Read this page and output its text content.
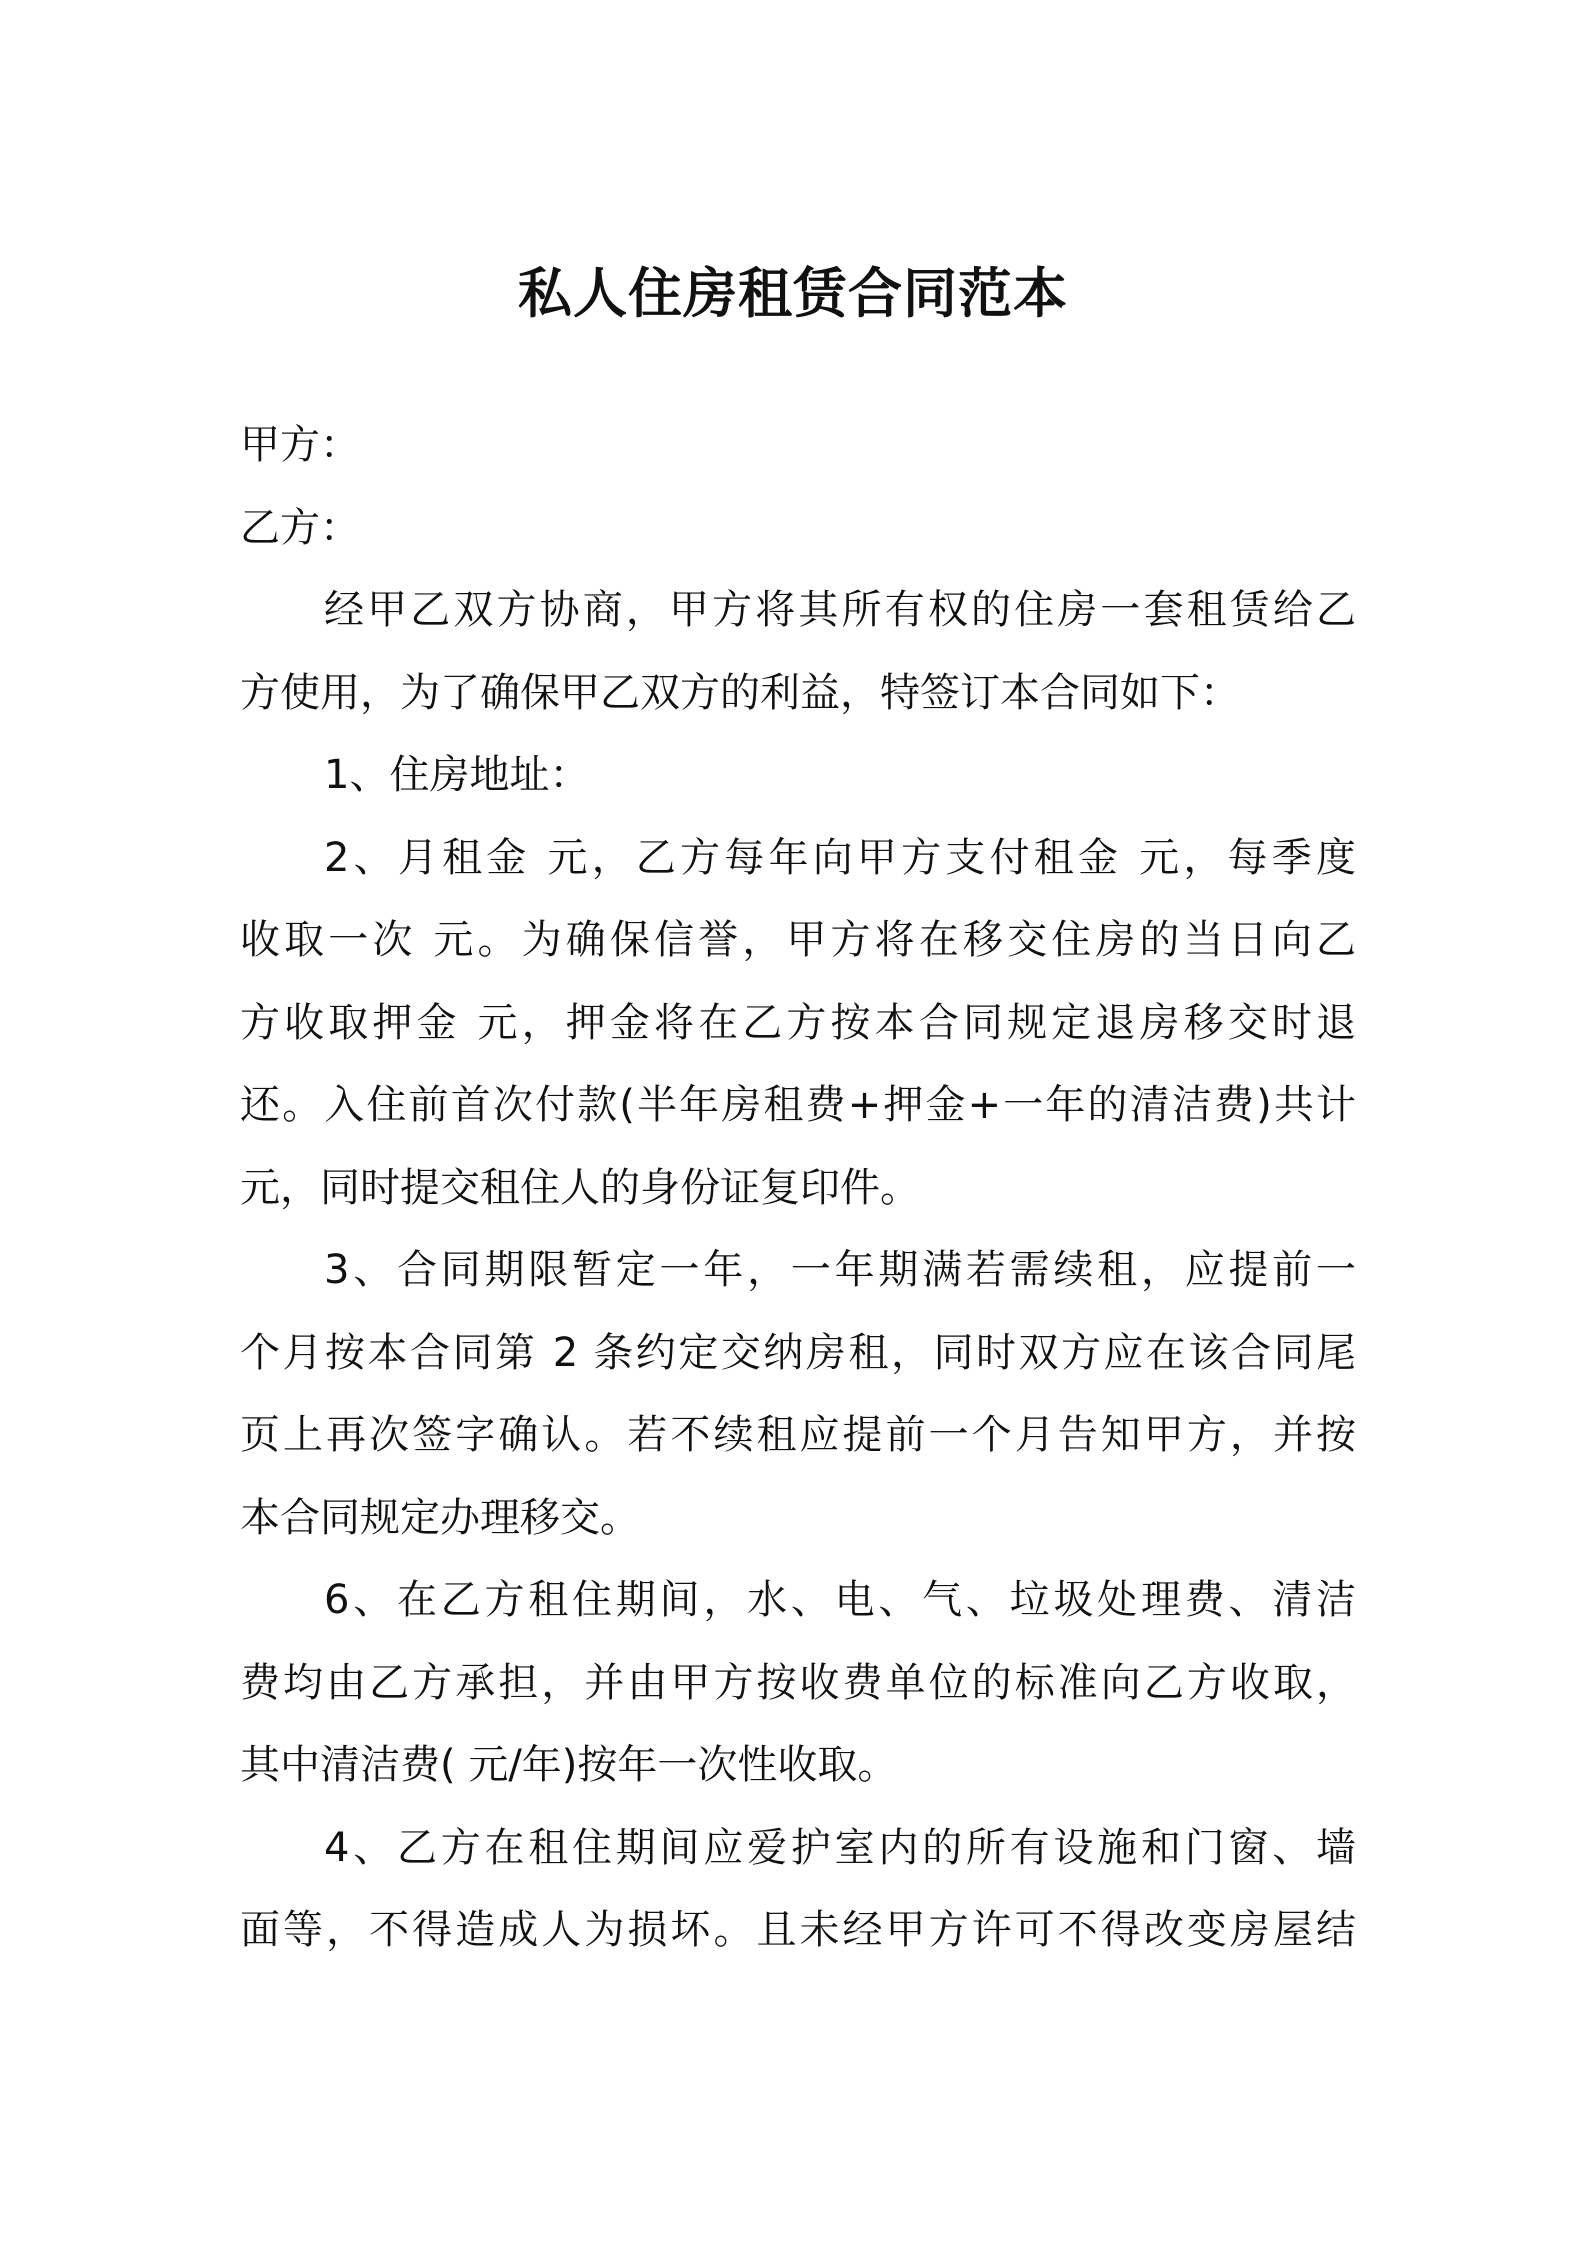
私人住房租赁合同范本
甲方：
乙方：
经甲乙双方协商，甲方将其所有权的住房一套租赁给乙
方使用，为了确保甲乙双方的利益，特签订本合同如下：
1、住房地址：
2、月租金 元，乙方每年向甲方支付租金 元，每季度
收取一次 元。为确保信誉，甲方将在移交住房的当日向乙
方收取押金 元，押金将在乙方按本合同规定退房移交时退
还。入住前首次付款(半年房租费+押金+一年的清洁费)共计
元，同时提交租住人的身份证复印件。
3、合同期限暂定一年，一年期满若需续租，应提前一
个月按本合同第 2 条约定交纳房租，同时双方应在该合同尾
页上再次签字确认。若不续租应提前一个月告知甲方，并按
本合同规定办理移交。
6、在乙方租住期间，水、电、气、垃圾处理费、清洁
费均由乙方承担，并由甲方按收费单位的标准向乙方收取，
其中清洁费( 元/年)按年一次性收取。
4、乙方在租住期间应爱护室内的所有设施和门窗、墙
面等，不得造成人为损坏。且未经甲方许可不得改变房屋结
